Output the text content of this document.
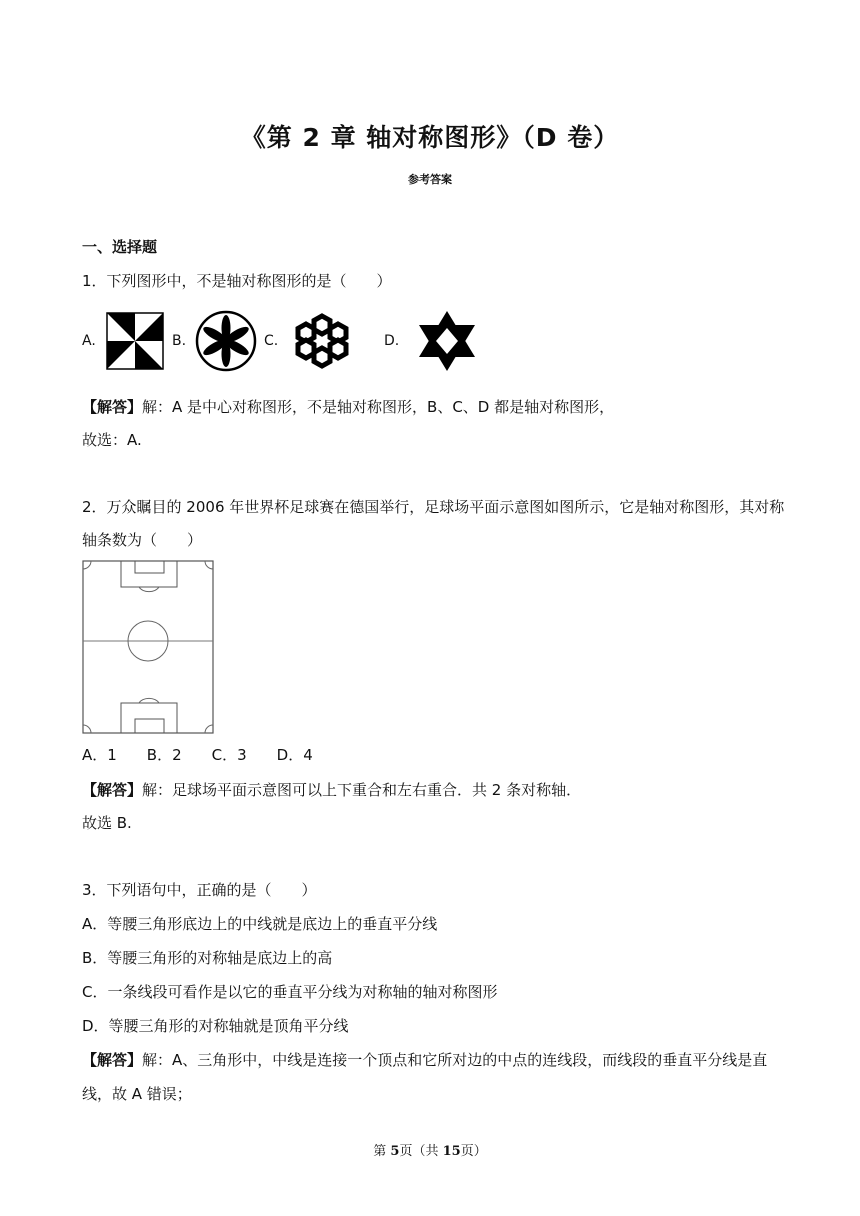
《第 2 章 轴对称图形》（D 卷）
参考答案
一、选择题
1．下列图形中，不是轴对称图形的是（　　）
A.	B.	C.	D.
【解答】解：A 是中心对称图形，不是轴对称图形，B、C、D 都是轴对称图形，
故选：A.
2．万众瞩目的 2006 年世界杯足球赛在德国举行，足球场平面示意图如图所示，它是轴对称图形，其对称
轴条数为（　　）
A．1　　B．2　　C．3　　D．4
【解答】解：足球场平面示意图可以上下重合和左右重合．共 2 条对称轴．
故选 B.
3．下列语句中，正确的是（　　）
A．等腰三角形底边上的中线就是底边上的垂直平分线
B．等腰三角形的对称轴是底边上的高
C．一条线段可看作是以它的垂直平分线为对称轴的轴对称图形
D．等腰三角形的对称轴就是顶角平分线
【解答】解：A、三角形中，中线是连接一个顶点和它所对边的中点的连线段，而线段的垂直平分线是直
线，故 A 错误；
第 5页（共 15页）
